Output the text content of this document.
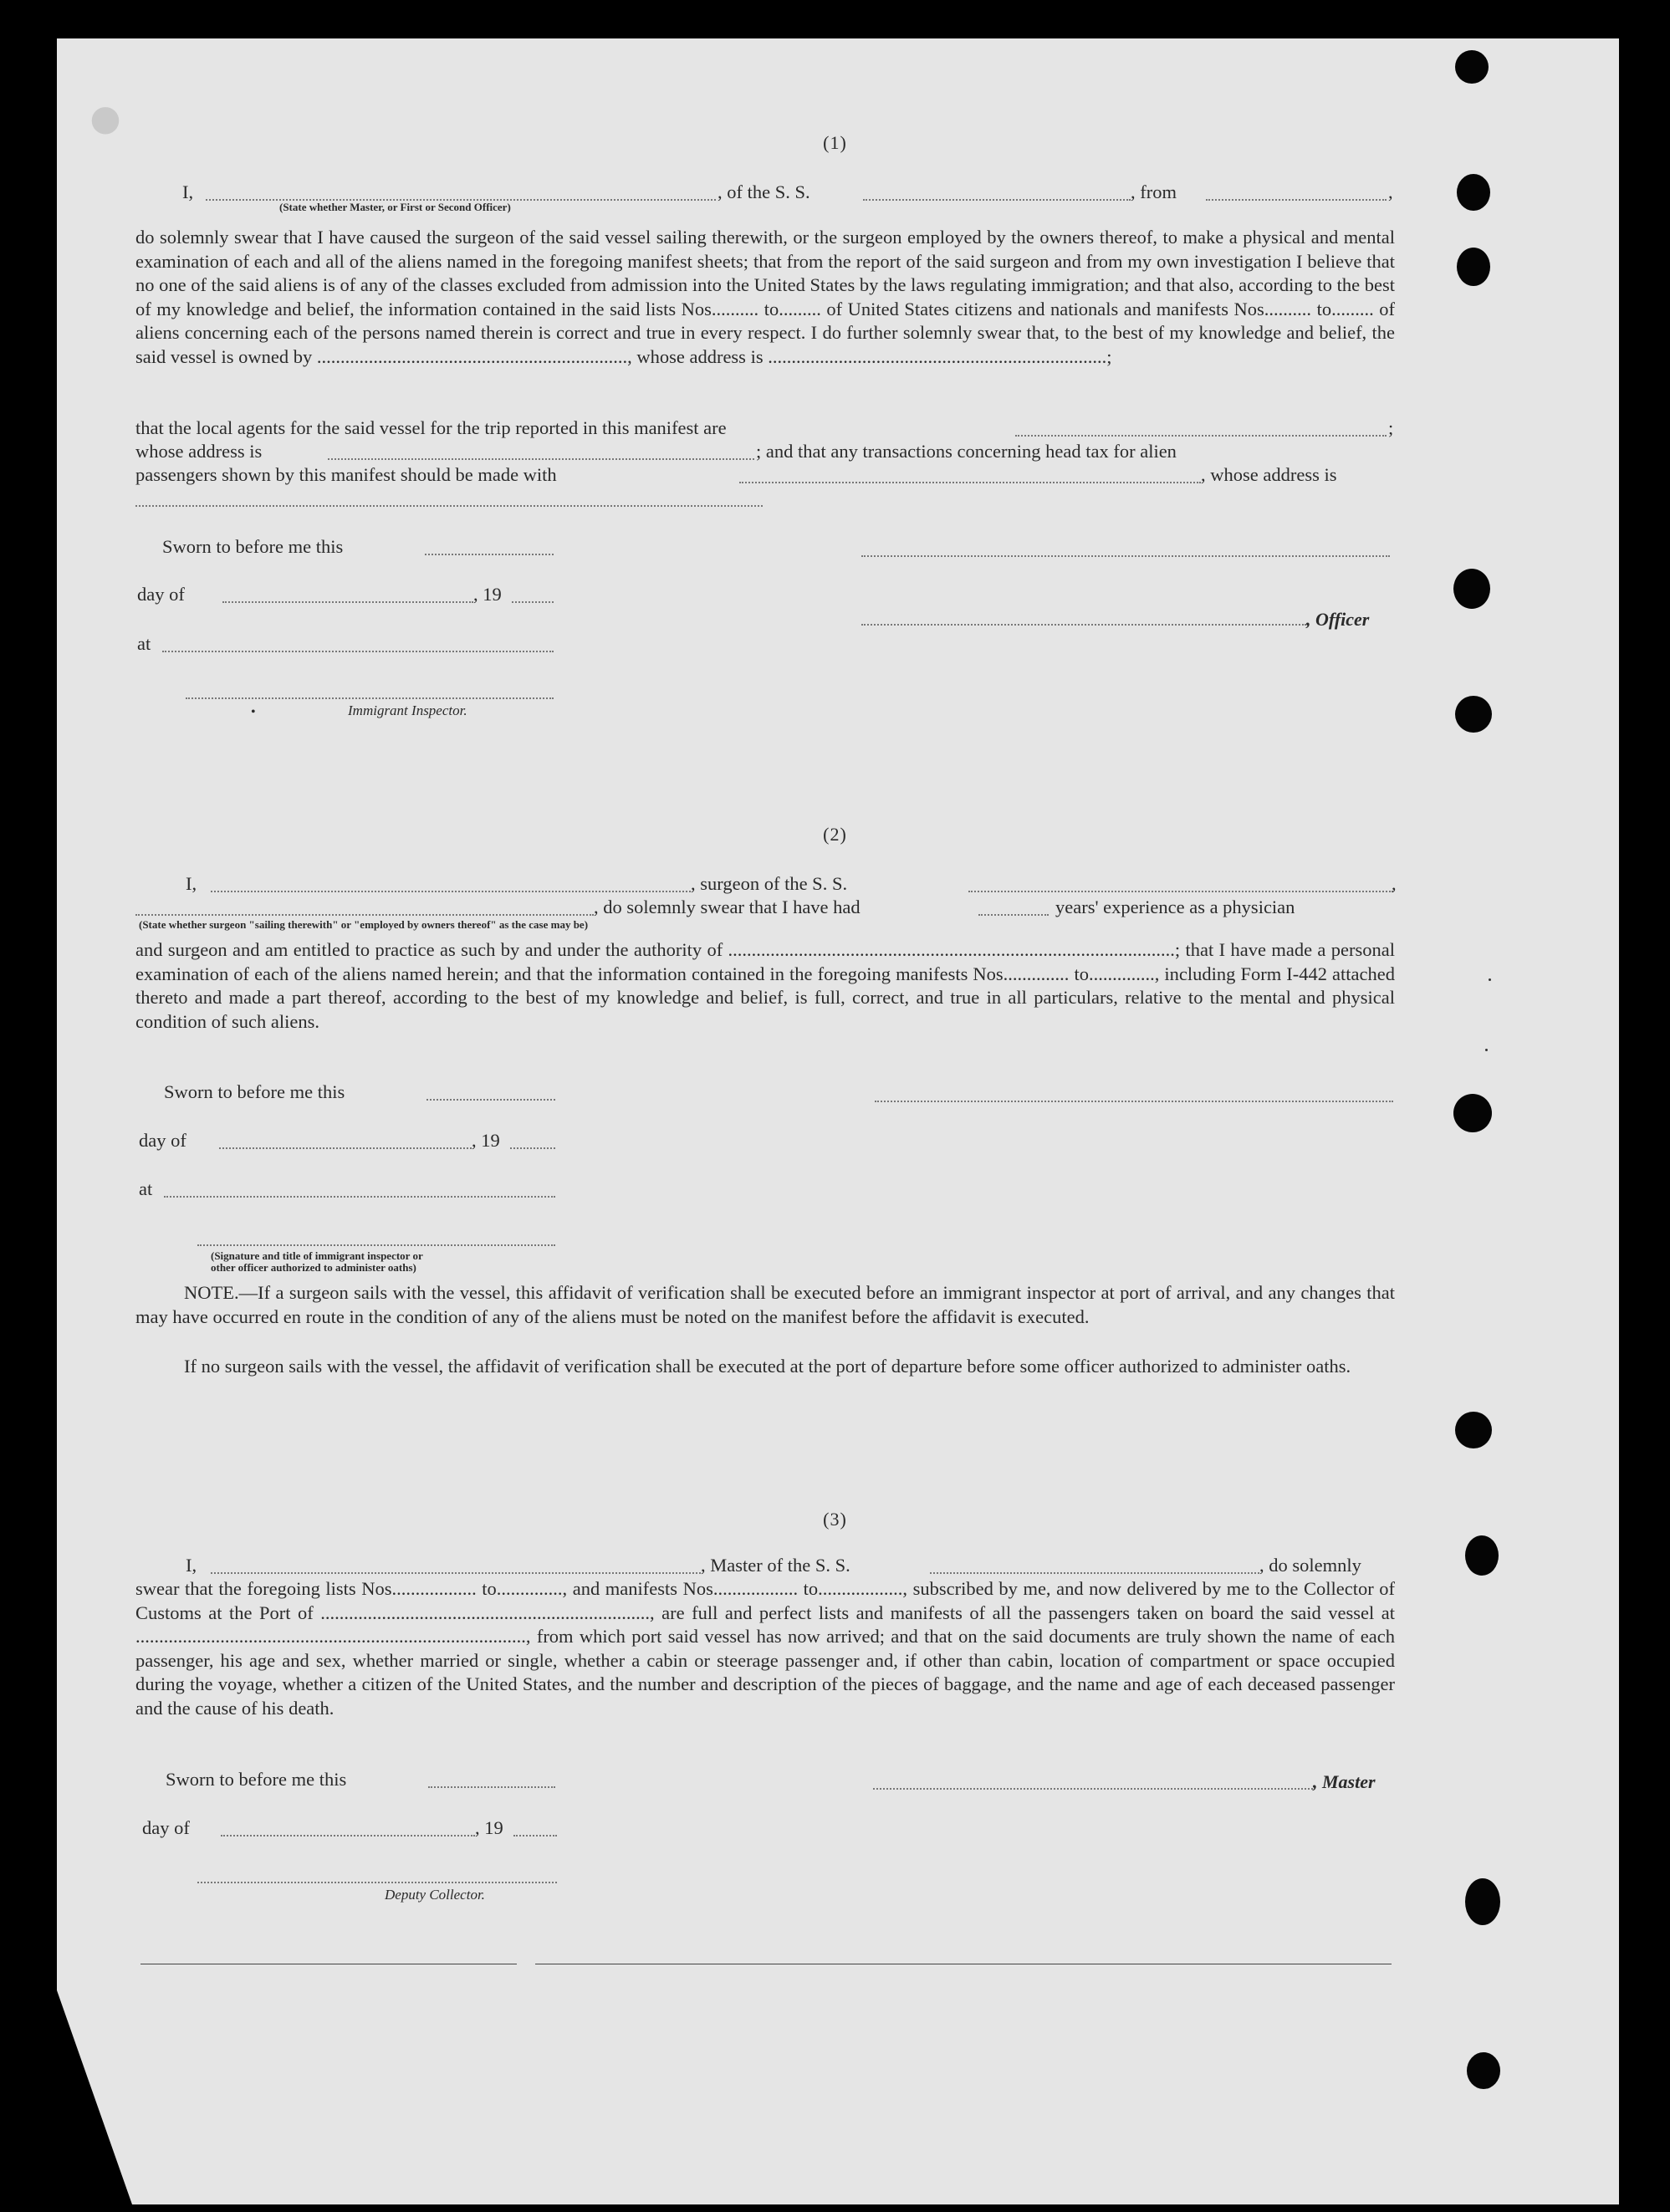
•	(1)
I,	, of the S. S.	, from	,
(State whether Master, or First or Second Officer)
do solemnly swear that I have caused the surgeon of the said vessel sailing therewith, or the surgeon employed by the owners thereof, to make a physical and mental examination of each and all of the aliens named in the foregoing manifest sheets; that from the report of the said surgeon and from my own investigation I believe that no one of the said aliens is of any of the classes excluded from admission into the United States by the laws regulating immigration; and that also, according to the best of my knowledge and belief, the information contained in the said lists Nos.......... to......... of United States citizens and nationals and manifests Nos.......... to......... of aliens concerning each of the persons named therein is correct and true in every respect. I do further solemnly swear that, to the best of my knowledge and belief, the said vessel is owned by .................................................................., whose address is ........................................................................;
that the local agents for the said vessel for the trip reported in this manifest are	;
whose address is	; and that any transactions concerning head tax for alien
passengers shown by this manifest should be made with	, whose address is
Sworn to before me this
day of	, 19
, Officer
at
•	Immigrant Inspector.
(2)
I,	, surgeon of the S. S.	,
, do solemnly swear that I have had	years' experience as a physician
(State whether surgeon "sailing therewith" or "employed by owners thereof" as the case may be)
and surgeon and am entitled to practice as such by and under the authority of ...............................................................................................; that I have made a personal examination of each of the aliens named herein; and that the information contained in the foregoing manifests Nos.............. to.............., including Form I-442 attached thereto and made a part thereof, according to the best of my knowledge and belief, is full, correct, and true in all particulars, relative to the mental and physical condition of such aliens.
Sworn to before me this
day of	, 19
at
(Signature and title of immigrant inspector or
other officer authorized to administer oaths)
NOTE.—If a surgeon sails with the vessel, this affidavit of verification shall be executed before an immigrant inspector at port of arrival, and any changes that may have occurred en route in the condition of any of the aliens must be noted on the manifest before the affidavit is executed.
If no surgeon sails with the vessel, the affidavit of verification shall be executed at the port of departure before some officer authorized to administer oaths.
(3)
I,	, Master of the S. S.	, do solemnly
swear that the foregoing lists Nos.................. to.............., and manifests Nos.................. to.................., subscribed by me, and now delivered by me to the Collector of Customs at the Port of ......................................................................, are full and perfect lists and manifests of all the passengers taken on board the said vessel at ..................................................................................., from which port said vessel has now arrived; and that on the said documents are truly shown the name of each passenger, his age and sex, whether married or single, whether a cabin or steerage passenger and, if other than cabin, location of compartment or space occupied during the voyage, whether a citizen of the United States, and the number and description of the pieces of baggage, and the name and age of each deceased passenger and the cause of his death.
Sworn to before me this	, Master
day of	, 19
Deputy Collector.
